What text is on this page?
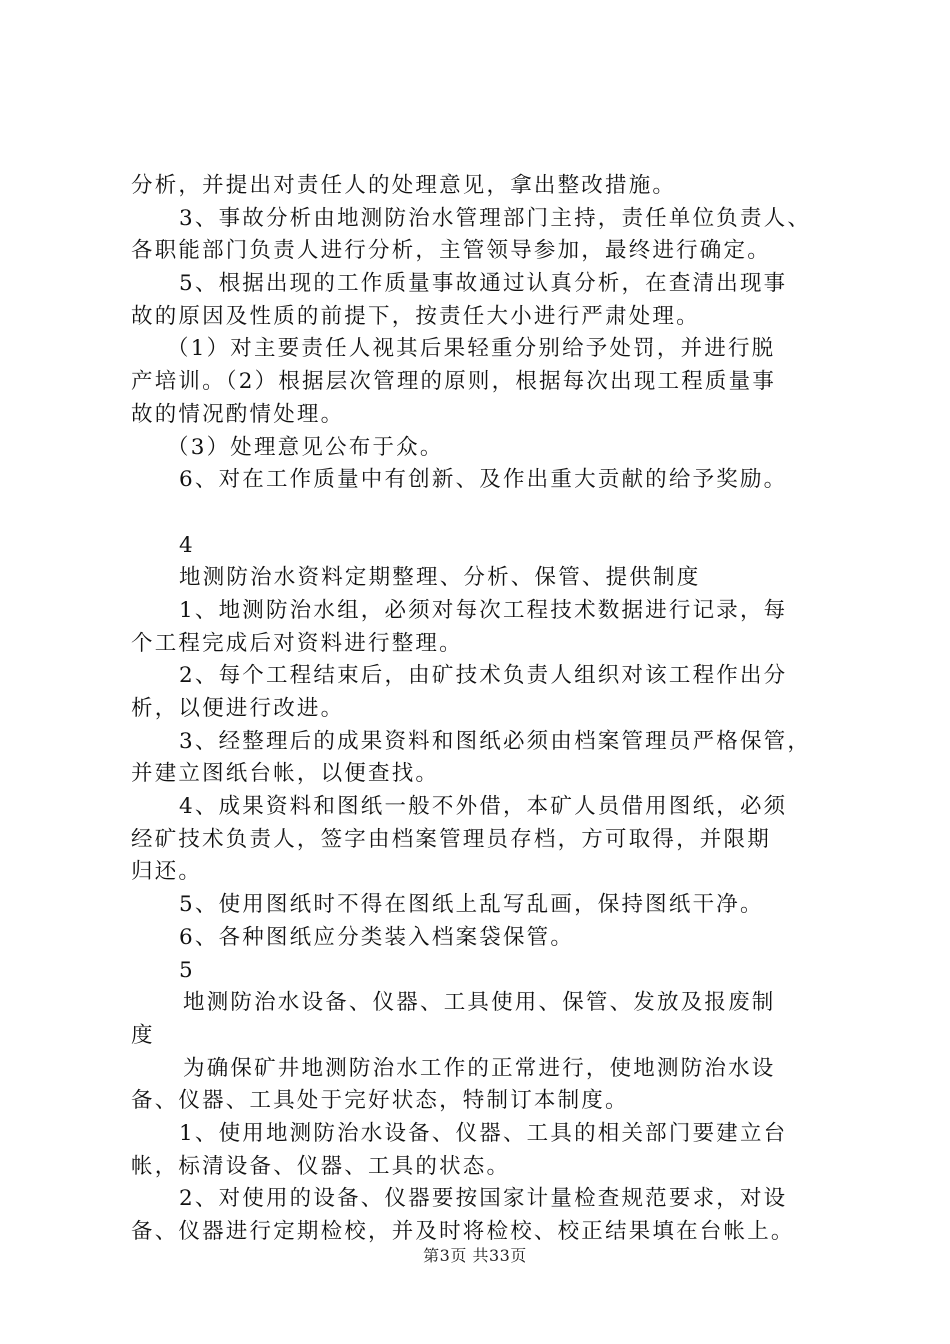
分析，并提出对责任人的处理意见，拿出整改措施。
3、事故分析由地测防治水管理部门主持，责任单位负责人、
各职能部门负责人进行分析，主管领导参加，最终进行确定。
5、根据出现的工作质量事故通过认真分析，在查清出现事
故的原因及性质的前提下，按责任大小进行严肃处理。
（1）对主要责任人视其后果轻重分别给予处罚，并进行脱
产培训。（2）根据层次管理的原则，根据每次出现工程质量事
故的情况酌情处理。
（3）处理意见公布于众。
6、对在工作质量中有创新、及作出重大贡献的给予奖励。
4
地测防治水资料定期整理、分析、保管、提供制度
1、地测防治水组，必须对每次工程技术数据进行记录，每
个工程完成后对资料进行整理。
2、每个工程结束后，由矿技术负责人组织对该工程作出分
析，以便进行改进。
3、经整理后的成果资料和图纸必须由档案管理员严格保管，
并建立图纸台帐，以便查找。
4、成果资料和图纸一般不外借，本矿人员借用图纸，必须
经矿技术负责人，签字由档案管理员存档，方可取得，并限期
归还。
5、使用图纸时不得在图纸上乱写乱画，保持图纸干净。
6、各种图纸应分类装入档案袋保管。
5
地测防治水设备、仪器、工具使用、保管、发放及报废制
度
为确保矿井地测防治水工作的正常进行，使地测防治水设
备、仪器、工具处于完好状态，特制订本制度。
1、使用地测防治水设备、仪器、工具的相关部门要建立台
帐，标清设备、仪器、工具的状态。
2、对使用的设备、仪器要按国家计量检查规范要求，对设
备、仪器进行定期检校，并及时将检校、校正结果填在台帐上。
第3页 共33页
